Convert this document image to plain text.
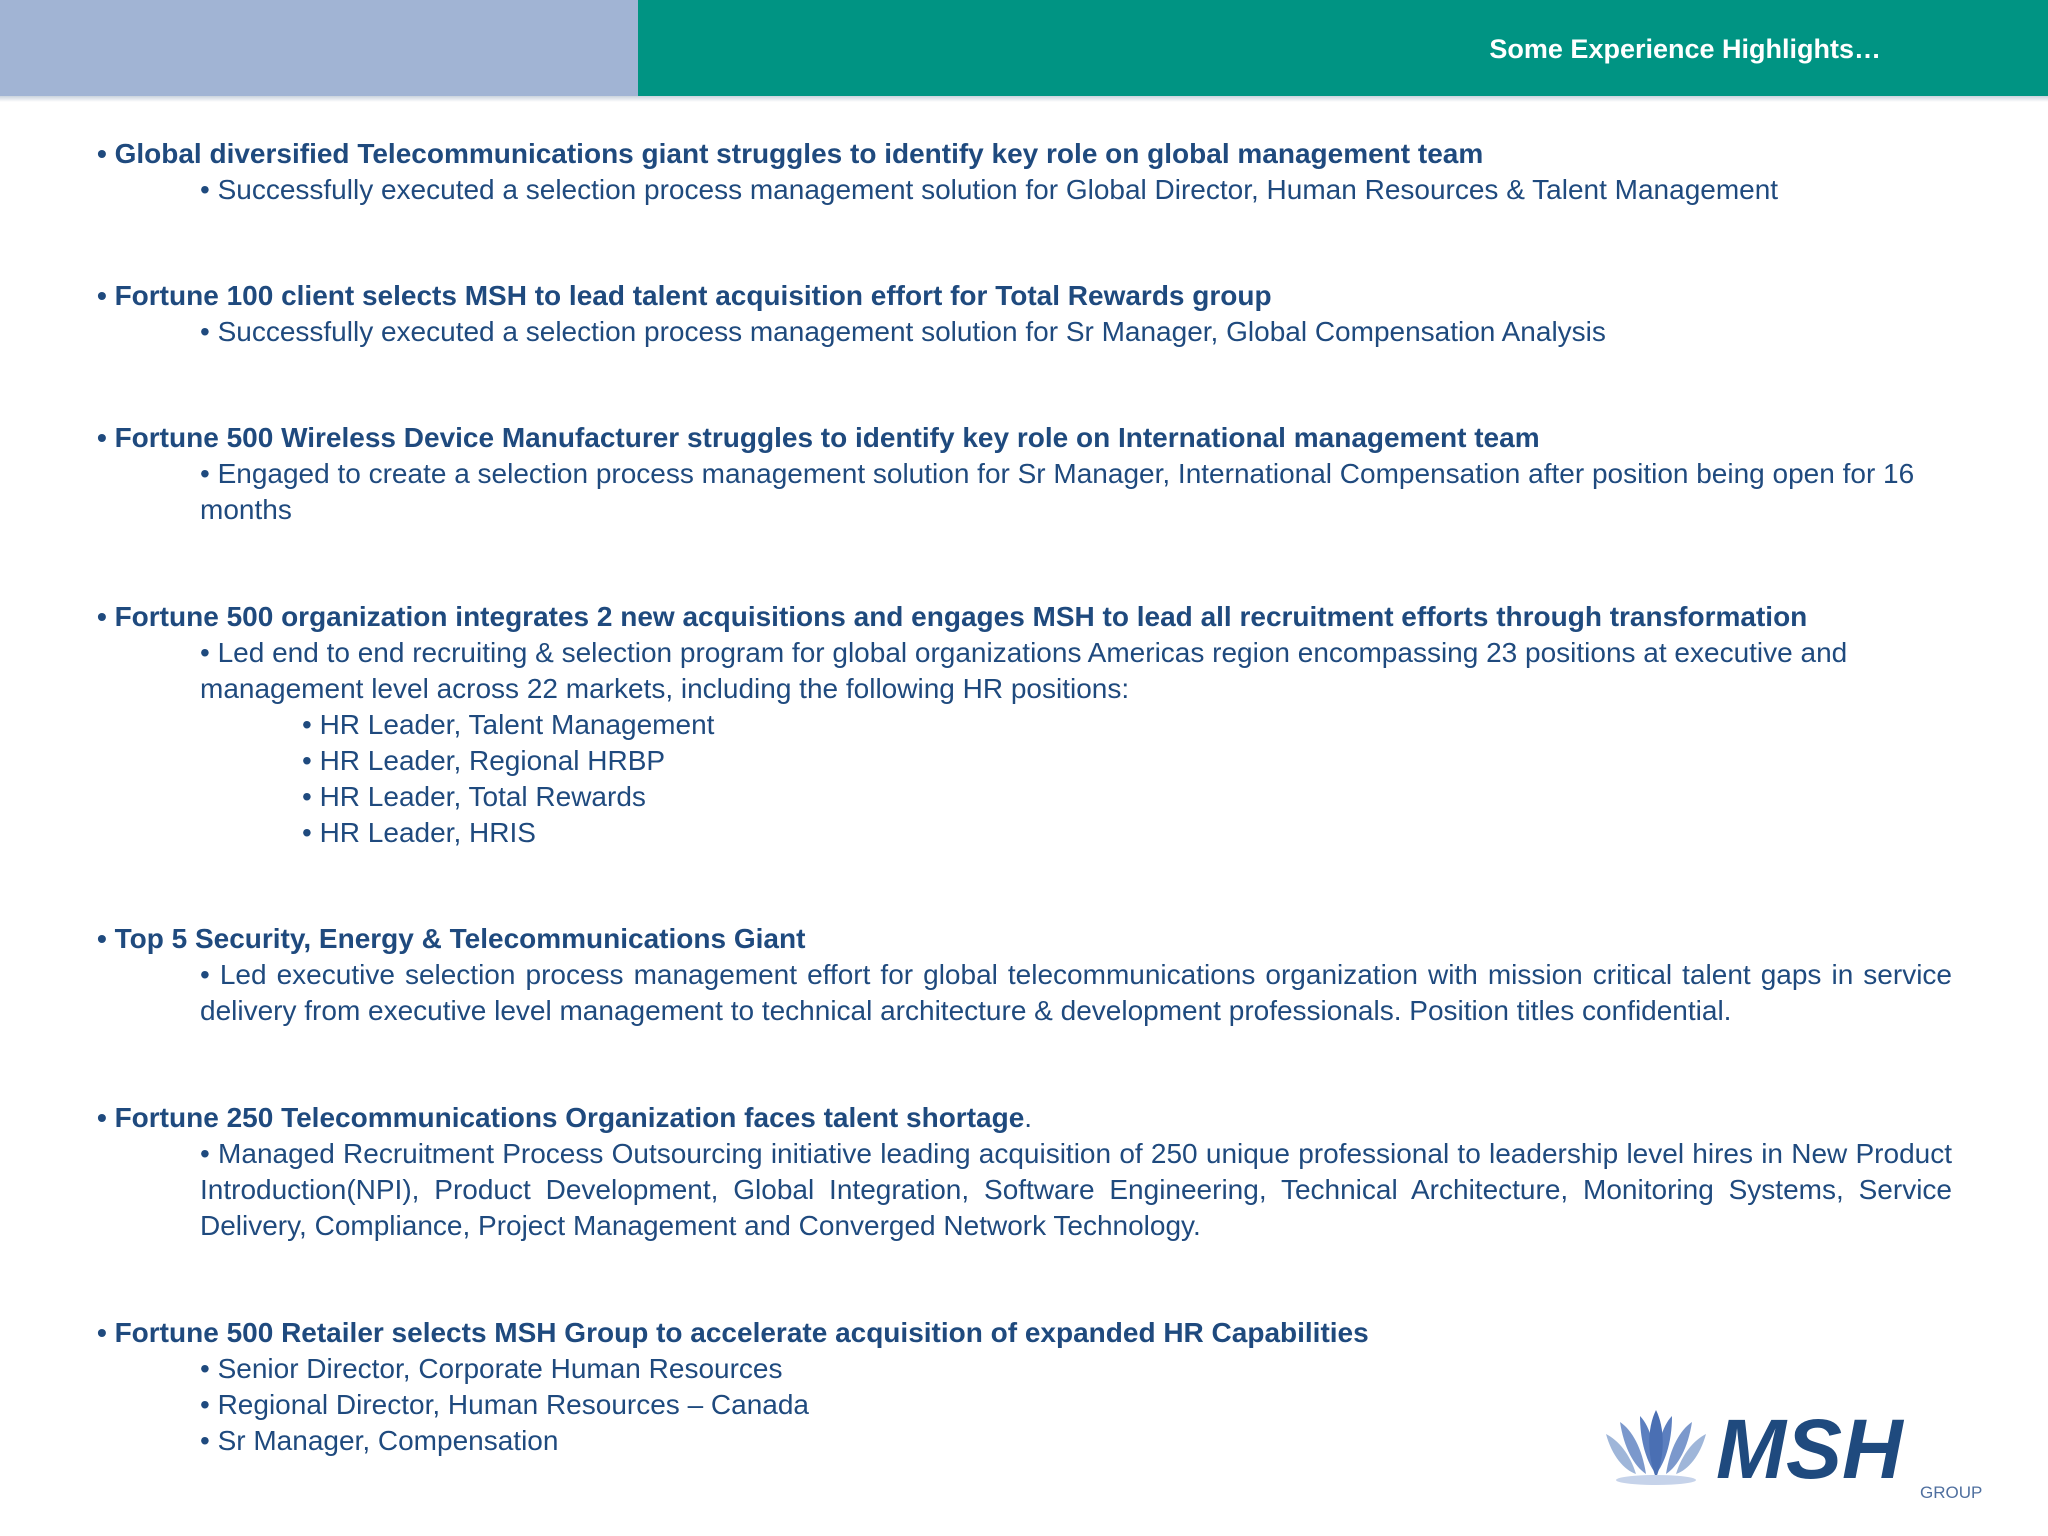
Some Experience Highlights…
• Global diversified Telecommunications giant struggles to identify key role on global management team
• Successfully executed a selection process management solution for Global Director, Human Resources & Talent Management
• Fortune 100 client selects MSH to lead talent acquisition effort for Total Rewards group
• Successfully executed a selection process management solution for Sr Manager, Global Compensation Analysis
• Fortune 500 Wireless Device Manufacturer struggles to identify key role on International management team
• Engaged to create a selection process management solution for Sr Manager, International Compensation after position being open for 16 months
• Fortune 500 organization integrates 2 new acquisitions and engages MSH to lead all recruitment efforts through transformation
• Led end to end recruiting & selection program for global organizations Americas region encompassing 23 positions at executive and management level across 22 markets, including the following HR positions:
• HR Leader, Talent Management
• HR Leader, Regional HRBP
• HR Leader, Total Rewards
• HR Leader, HRIS
• Top 5 Security, Energy & Telecommunications Giant
• Led executive selection process management effort for global telecommunications organization with mission critical talent gaps in service delivery from executive level management to technical architecture & development professionals. Position titles confidential.
• Fortune 250 Telecommunications Organization faces talent shortage.
• Managed Recruitment Process Outsourcing initiative leading acquisition of 250 unique professional to leadership level hires in New Product Introduction(NPI), Product Development, Global Integration, Software Engineering, Technical Architecture, Monitoring Systems, Service Delivery, Compliance, Project Management and Converged Network Technology.
• Fortune 500 Retailer selects MSH Group to accelerate acquisition of expanded HR Capabilities
• Senior Director, Corporate Human Resources
• Regional Director, Human Resources – Canada
• Sr Manager, Compensation	MSH GROUP
